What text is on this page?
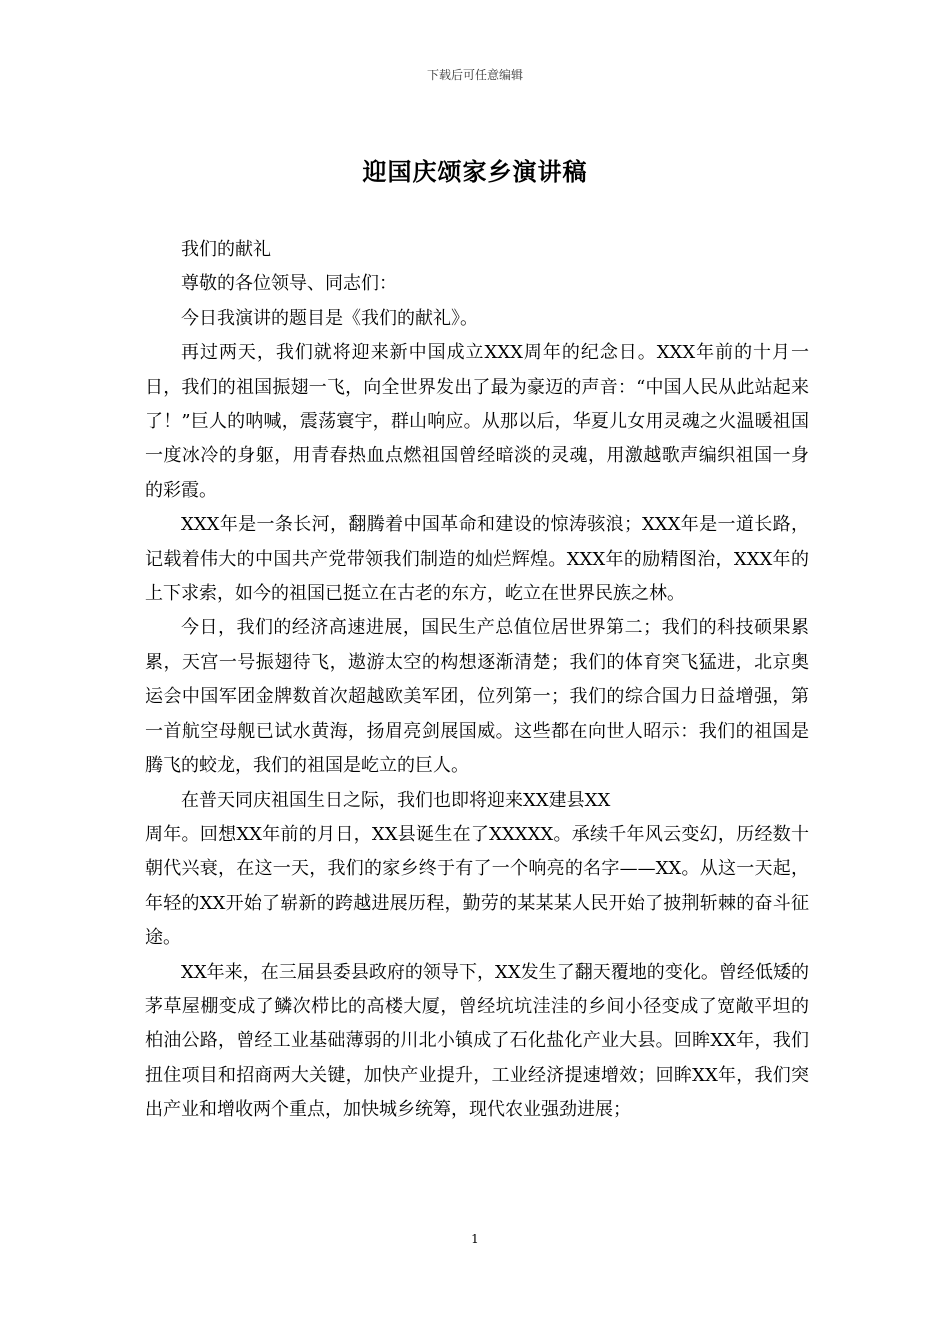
下载后可任意编辑
迎国庆颂家乡演讲稿

我们的献礼

尊敬的各位领导、同志们：

今日我演讲的题目是《我们的献礼》。

再过两天，我们就将迎来新中国成立XXX周年的纪念日。XXX年前的十月一日，我们的祖国振翅一飞，向全世界发出了最为豪迈的声音：“中国人民从此站起来了！”巨人的呐喊，震荡寰宇，群山响应。从那以后，华夏儿女用灵魂之火温暖祖国一度冰冷的身躯，用青春热血点燃祖国曾经暗淡的灵魂，用激越歌声编织祖国一身的彩霞。

XXX年是一条长河，翻腾着中国革命和建设的惊涛骇浪；XXX年是一道长路，记载着伟大的中国共产党带领我们制造的灿烂辉煌。XXX年的励精图治，XXX年的上下求索，如今的祖国已挺立在古老的东方，屹立在世界民族之林。

今日，我们的经济高速进展，国民生产总值位居世界第二；我们的科技硕果累累，天宫一号振翅待飞，遨游太空的构想逐渐清楚；我们的体育突飞猛进，北京奥运会中国军团金牌数首次超越欧美军团，位列第一；我们的综合国力日益增强，第一首航空母舰已试水黄海，扬眉亮剑展国威。这些都在向世人昭示：我们的祖国是腾飞的蛟龙，我们的祖国是屹立的巨人。

在普天同庆祖国生日之际，我们也即将迎来XX建县XX

周年。回想XX年前的月日，XX县诞生在了XXXXX。承续千年风云变幻，历经数十朝代兴衰，在这一天，我们的家乡终于有了一个响亮的名字——XX。从这一天起，年轻的XX开始了崭新的跨越进展历程，勤劳的某某某人民开始了披荆斩棘的奋斗征途。

XX年来，在三届县委县政府的领导下，XX发生了翻天覆地的变化。曾经低矮的茅草屋棚变成了鳞次栉比的高楼大厦，曾经坑坑洼洼的乡间小径变成了宽敞平坦的柏油公路，曾经工业基础薄弱的川北小镇成了石化盐化产业大县。回眸XX年，我们扭住项目和招商两大关键，加快产业提升，工业经济提速增效；回眸XX年，我们突出产业和增收两个重点，加快城乡统筹，现代农业强劲进展；

1
